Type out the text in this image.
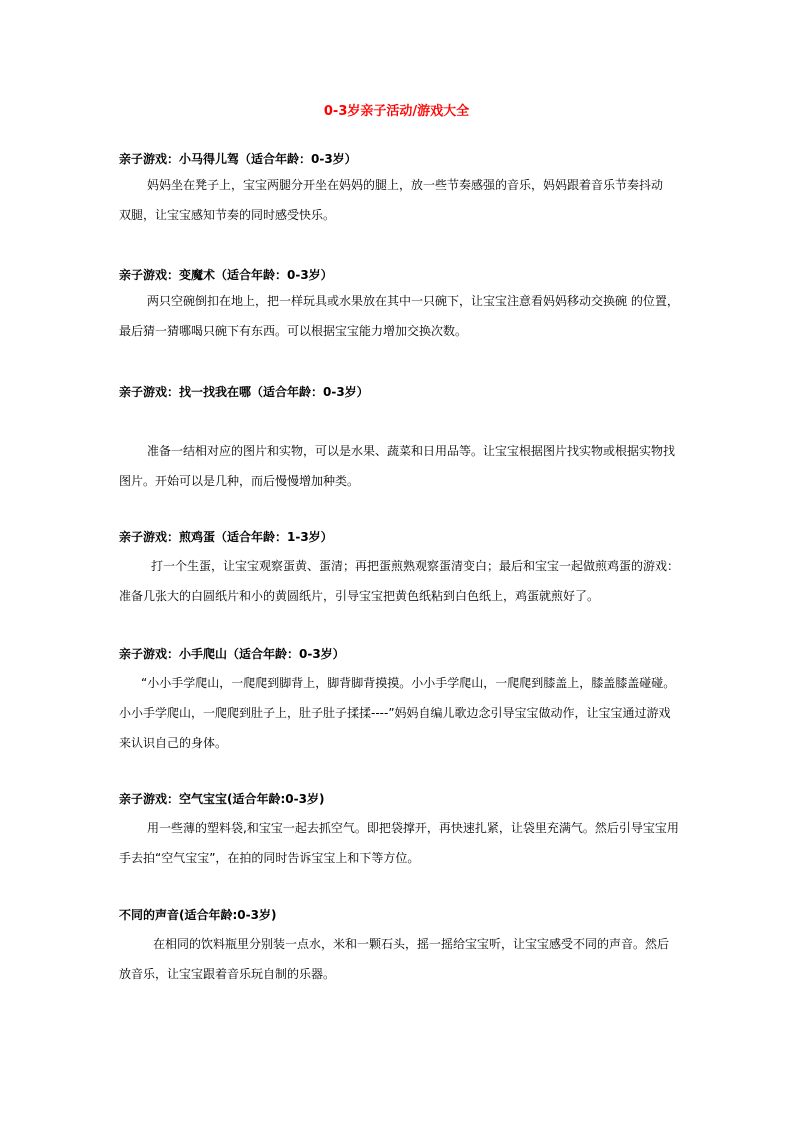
0-3岁亲子活动/游戏大全
亲子游戏：小马得儿驾（适合年龄：0-3岁）

妈妈坐在凳子上，宝宝两腿分开坐在妈妈的腿上，放一些节奏感强的音乐，妈妈跟着音乐节奏抖动

双腿，让宝宝感知节奏的同时感受快乐。

亲子游戏：变魔术（适合年龄：0-3岁）

两只空碗倒扣在地上，把一样玩具或水果放在其中一只碗下，让宝宝注意看妈妈移动交换碗 的位置，

最后猜一猜哪喝只碗下有东西。可以根据宝宝能力增加交换次数。

亲子游戏：找一找我在哪（适合年龄：0-3岁）

准备一结相对应的图片和实物，可以是水果、蔬菜和日用品等。让宝宝根据图片找实物或根据实物找

图片。开始可以是几种，而后慢慢增加种类。

亲子游戏：煎鸡蛋（适合年龄：1-3岁）

打一个生蛋，让宝宝观察蛋黄、蛋清；再把蛋煎熟观察蛋清变白；最后和宝宝一起做煎鸡蛋的游戏：

准备几张大的白圆纸片和小的黄圆纸片，引导宝宝把黄色纸粘到白色纸上，鸡蛋就煎好了。

亲子游戏：小手爬山（适合年龄：0-3岁）

“小小手学爬山，一爬爬到脚背上，脚背脚背摸摸。小小手学爬山，一爬爬到膝盖上，膝盖膝盖碰碰。

小小手学爬山，一爬爬到肚子上，肚子肚子揉揉----”妈妈自编儿歌边念引导宝宝做动作，让宝宝通过游戏

来认识自己的身体。

亲子游戏：空气宝宝(适合年龄:0-3岁)

用一些薄的塑料袋,和宝宝一起去抓空气。即把袋撑开，再快速扎紧，让袋里充满气。然后引导宝宝用

手去拍“空气宝宝”，在拍的同时告诉宝宝上和下等方位。

不同的声音(适合年龄:0-3岁)

在相同的饮料瓶里分别装一点水，米和一颗石头，摇一摇给宝宝听，让宝宝感受不同的声音。然后

放音乐，让宝宝跟着音乐玩自制的乐器。
